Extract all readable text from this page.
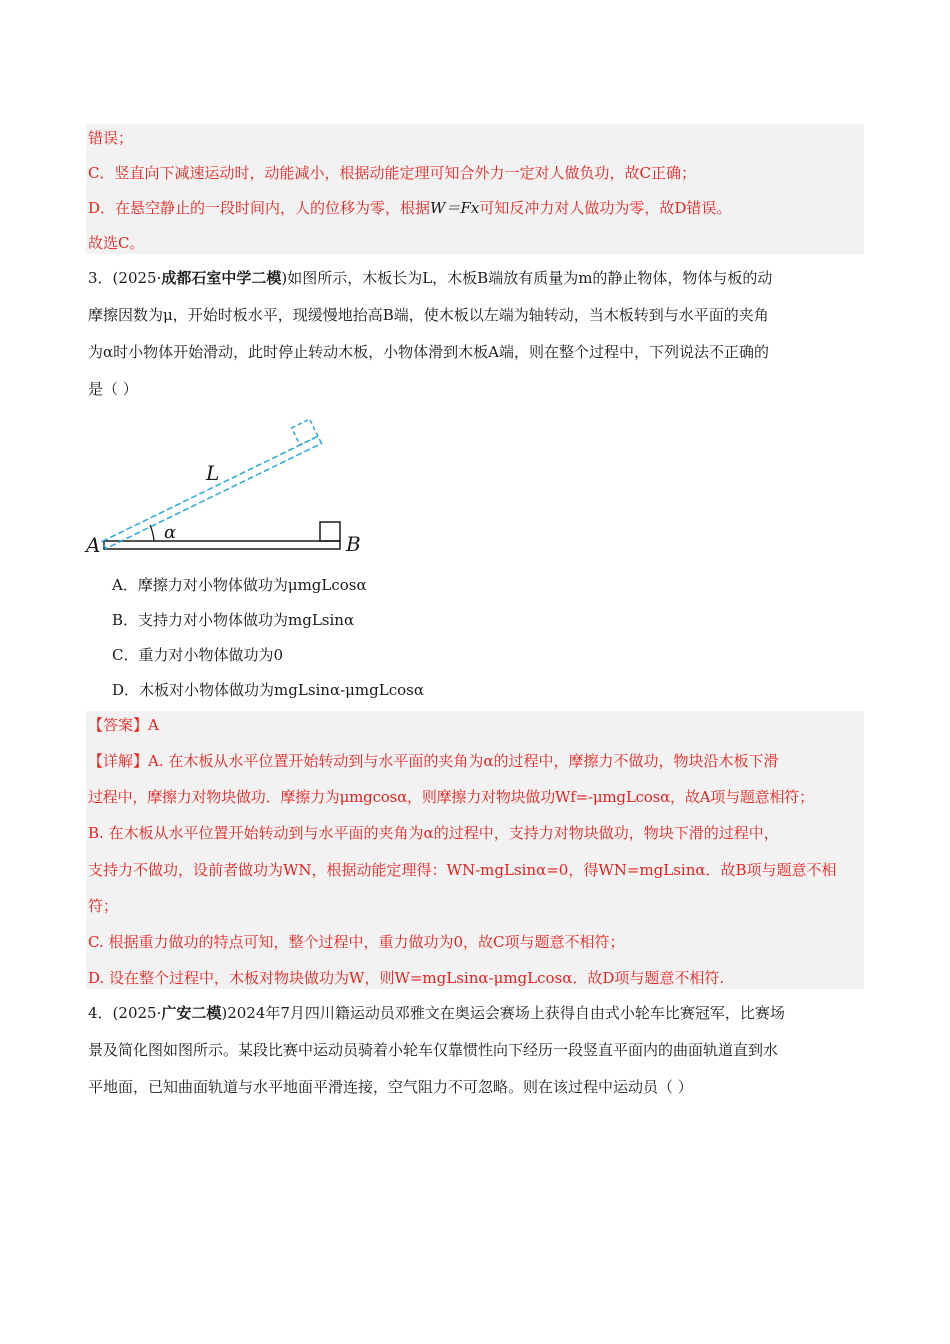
错误；
C．竖直向下减速运动时，动能减小，根据动能定理可知合外力一定对人做负功，故C正确；
D．在悬空静止的一段时间内，人的位移为零，根据W＝Fx可知反冲力对人做功为零，故D错误。
故选C。
3．(2025·成都石室中学二模)如图所示，木板长为L，木板B端放有质量为m的静止物体，物体与板的动
摩擦因数为μ，开始时板水平，现缓慢地抬高B端，使木板以左端为轴转动，当木板转到与水平面的夹角
为α时小物体开始滑动，此时停止转动木板，小物体滑到木板A端，则在整个过程中，下列说法不正确的
是（ ）
L
α
A	B
A．摩擦力对小物体做功为μmgLcosα
B．支持力对小物体做功为mgLsinα
C．重力对小物体做功为0
D．木板对小物体做功为mgLsinα-μmgLcosα
【答案】A
【详解】A. 在木板从水平位置开始转动到与水平面的夹角为α的过程中，摩擦力不做功，物块沿木板下滑
过程中，摩擦力对物块做功．摩擦力为μmgcosα，则摩擦力对物块做功Wf=-μmgLcosα，故A项与题意相符；
B. 在木板从水平位置开始转动到与水平面的夹角为α的过程中，支持力对物块做功，物块下滑的过程中，
支持力不做功，设前者做功为WN，根据动能定理得：WN-mgLsinα=0，得WN=mgLsinα．故B项与题意不相
符；
C. 根据重力做功的特点可知，整个过程中，重力做功为0，故C项与题意不相符；
D. 设在整个过程中，木板对物块做功为W，则W=mgLsinα-μmgLcosα．故D项与题意不相符.
4．(2025·广安二模)2024年7月四川籍运动员邓雅文在奥运会赛场上获得自由式小轮车比赛冠军，比赛场
景及简化图如图所示。某段比赛中运动员骑着小轮车仅靠惯性向下经历一段竖直平面内的曲面轨道直到水
平地面，已知曲面轨道与水平地面平滑连接，空气阻力不可忽略。则在该过程中运动员（ ）
